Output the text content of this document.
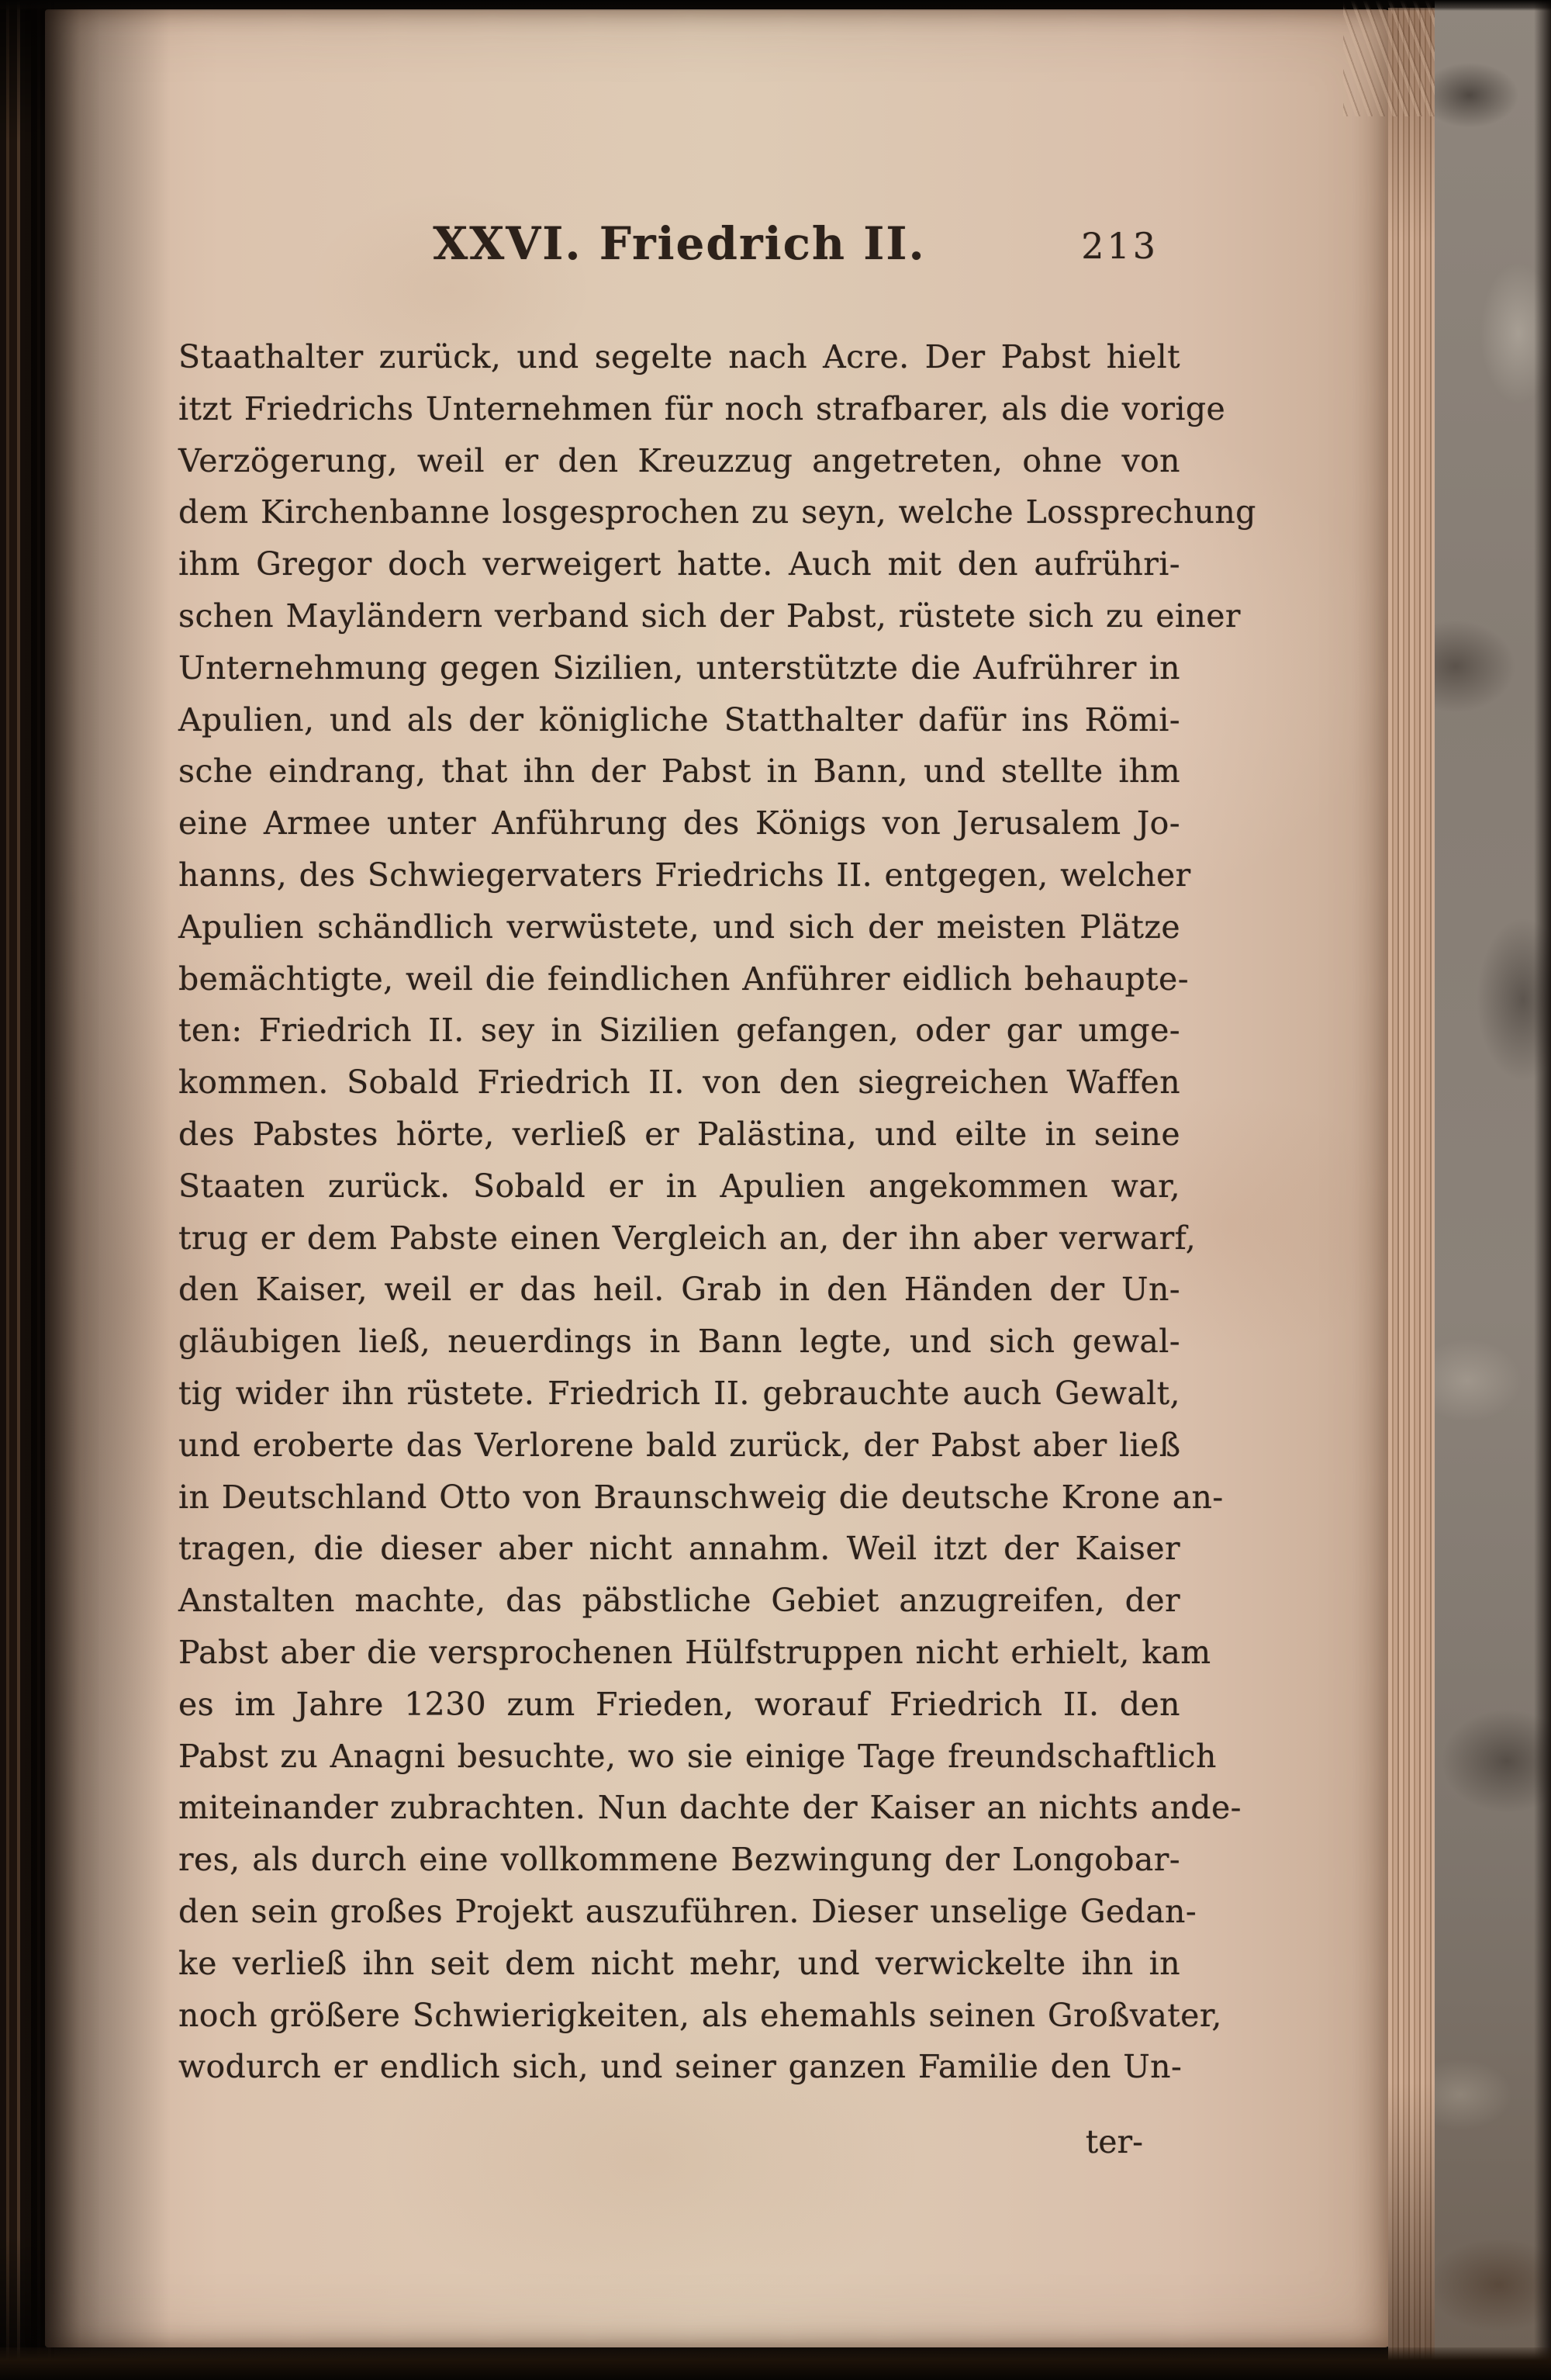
XXVI. Friedrich II.	213
Staathalter zurück, und segelte nach Acre. Der Pabst hielt
itzt Friedrichs Unternehmen für noch strafbarer, als die vorige
Verzögerung, weil er den Kreuzzug angetreten, ohne von
dem Kirchenbanne losgesprochen zu seyn, welche Lossprechung
ihm Gregor doch verweigert hatte. Auch mit den aufrühri-
schen Mayländern verband sich der Pabst, rüstete sich zu einer
Unternehmung gegen Sizilien, unterstützte die Aufrührer in
Apulien, und als der königliche Statthalter dafür ins Römi-
sche eindrang, that ihn der Pabst in Bann, und stellte ihm
eine Armee unter Anführung des Königs von Jerusalem Jo-
hanns, des Schwiegervaters Friedrichs II. entgegen, welcher
Apulien schändlich verwüstete, und sich der meisten Plätze
bemächtigte, weil die feindlichen Anführer eidlich behaupte-
ten: Friedrich II. sey in Sizilien gefangen, oder gar umge-
kommen. Sobald Friedrich II. von den siegreichen Waffen
des Pabstes hörte, verließ er Palästina, und eilte in seine
Staaten zurück. Sobald er in Apulien angekommen war,
trug er dem Pabste einen Vergleich an, der ihn aber verwarf,
den Kaiser, weil er das heil. Grab in den Händen der Un-
gläubigen ließ, neuerdings in Bann legte, und sich gewal-
tig wider ihn rüstete. Friedrich II. gebrauchte auch Gewalt,
und eroberte das Verlorene bald zurück, der Pabst aber ließ
in Deutschland Otto von Braunschweig die deutsche Krone an-
tragen, die dieser aber nicht annahm. Weil itzt der Kaiser
Anstalten machte, das päbstliche Gebiet anzugreifen, der
Pabst aber die versprochenen Hülfstruppen nicht erhielt, kam
es im Jahre 1230 zum Frieden, worauf Friedrich II. den
Pabst zu Anagni besuchte, wo sie einige Tage freundschaftlich
miteinander zubrachten. Nun dachte der Kaiser an nichts ande-
res, als durch eine vollkommene Bezwingung der Longobar-
den sein großes Projekt auszuführen. Dieser unselige Gedan-
ke verließ ihn seit dem nicht mehr, und verwickelte ihn in
noch größere Schwierigkeiten, als ehemahls seinen Großvater,
wodurch er endlich sich, und seiner ganzen Familie den Un-
ter-
